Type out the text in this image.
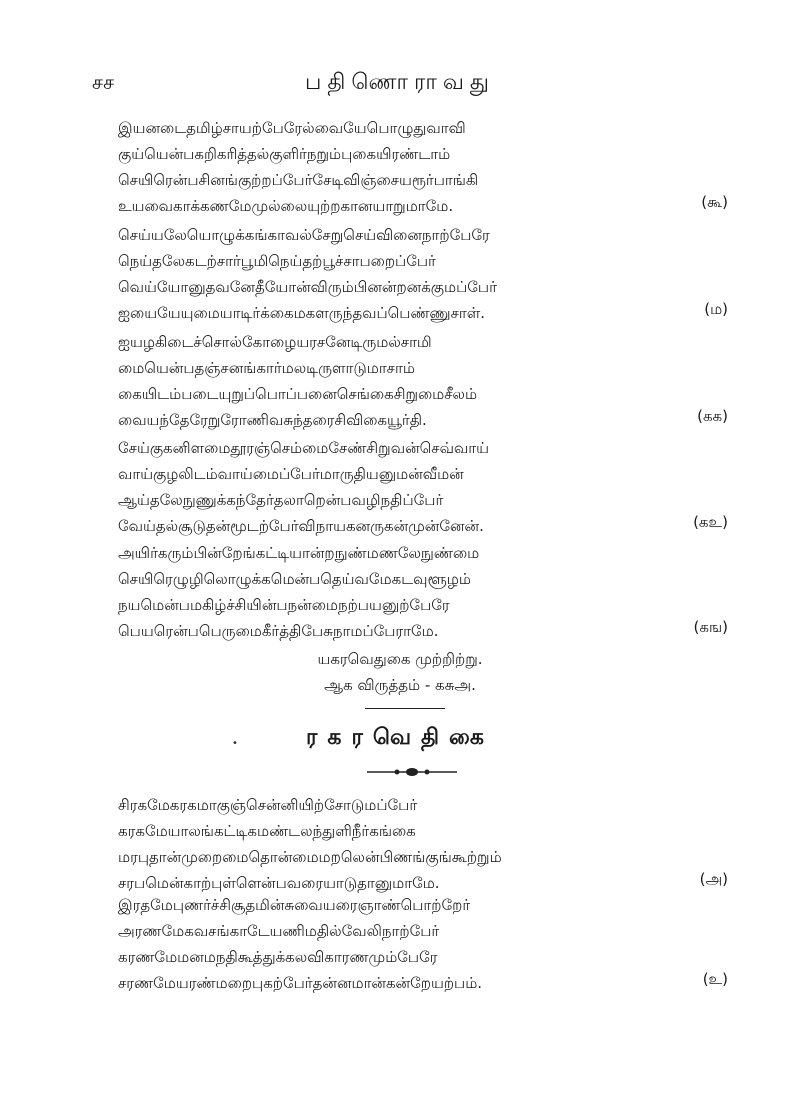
சச	பதிணொராவது
இயனடைதமிழ்சாயற்பேரேல்வையேபொழுதுவாவி
குய்யென்பகறிகரித்தல்குளிர்நறும்புகையிரண்டாம்
செயிரென்பசினங்குற்றப்பேர்சேடிவிஞ்சையரூர்பாங்கி
உயவைகாக்கணமேமுல்லையுற்றகானயாறுமாமே.	(கூ)
செய்யலேயொழுக்கங்காவல்சேறுசெய்வினைநாற்பேரே
நெய்தலேகடற்சார்பூமிநெய்தற்பூச்சாபறைப்பேர்
வெய்யோனுதவனேதீயோன்விரும்பினன்றனக்குமப்பேர்
ஐயையேயுமையாடிர்க்கைமகளருந்தவப்பெண்ணுசாள்.	(ம)
ஐயழகிடைச்சொல்கோழையரசனேடிருமல்சாமி
மையென்பதஞ்சனங்கார்மலடிருளாடுமாசாம்
கையிடம்படையுறுப்பொப்பனைசெங்கைசிறுமைசீலம்
வையந்தேரேறுரோணிவசுந்தரைசிவிகையூர்தி.	(கக)
சேய்குகனிளமைதூரஞ்செம்மைசேண்சிறுவன்செவ்வாய்
வாய்குழலிடம்வாய்மைப்பேர்மாருதியனுமன்வீமன்
ஆய்தலேநுணுக்கந்தேர்தலாறென்பவழிநதிப்பேர்
வேய்தல்சூடுதன்மூடற்பேர்விநாயகனருகன்முன்னேன்.	(கஉ)
அயிர்கரும்பின்றேங்கட்டியான்றநுண்மணலேநுண்மை
செயிரெழுழிலொழுக்கமென்பதெய்வமேகடவுளூழம்
நயமென்பமகிழ்ச்சியின்பநன்மைநற்பயனுற்பேரே
பெயரென்பபெருமைகீர்த்திபேசுநாமப்பேராமே.	(கங)
யகரவெதுகை முற்றிற்று.
ஆக விருத்தம் - கசுஅ.
•	ரகரவெதிகை
சிரகமேகரகமாகுஞ்சென்னியிற்சோடுமப்பேர்
கரகமேயாலங்கட்டிகமண்டலந்துளிநீர்கங்கை
மரபுதான்முறைமைதொன்மைமறலென்பிணங்குங்கூற்றும்
சரபமென்காற்புள்ளென்பவரையாடுதானுமாமே.	(அ)
இரதமேபுணர்ச்சிசூதமின்சுவையரைஞாண்பொற்றேர்
அரணமேகவசங்காடேயணிமதில்வேலிநாற்பேர்
கரணமேமனமநதிகூத்துக்கலவிகாரணமும்பேரே
சரணமேயரண்மறைபுகற்பேர்தன்னமான்கன்றேயற்பம்.	(உ)
